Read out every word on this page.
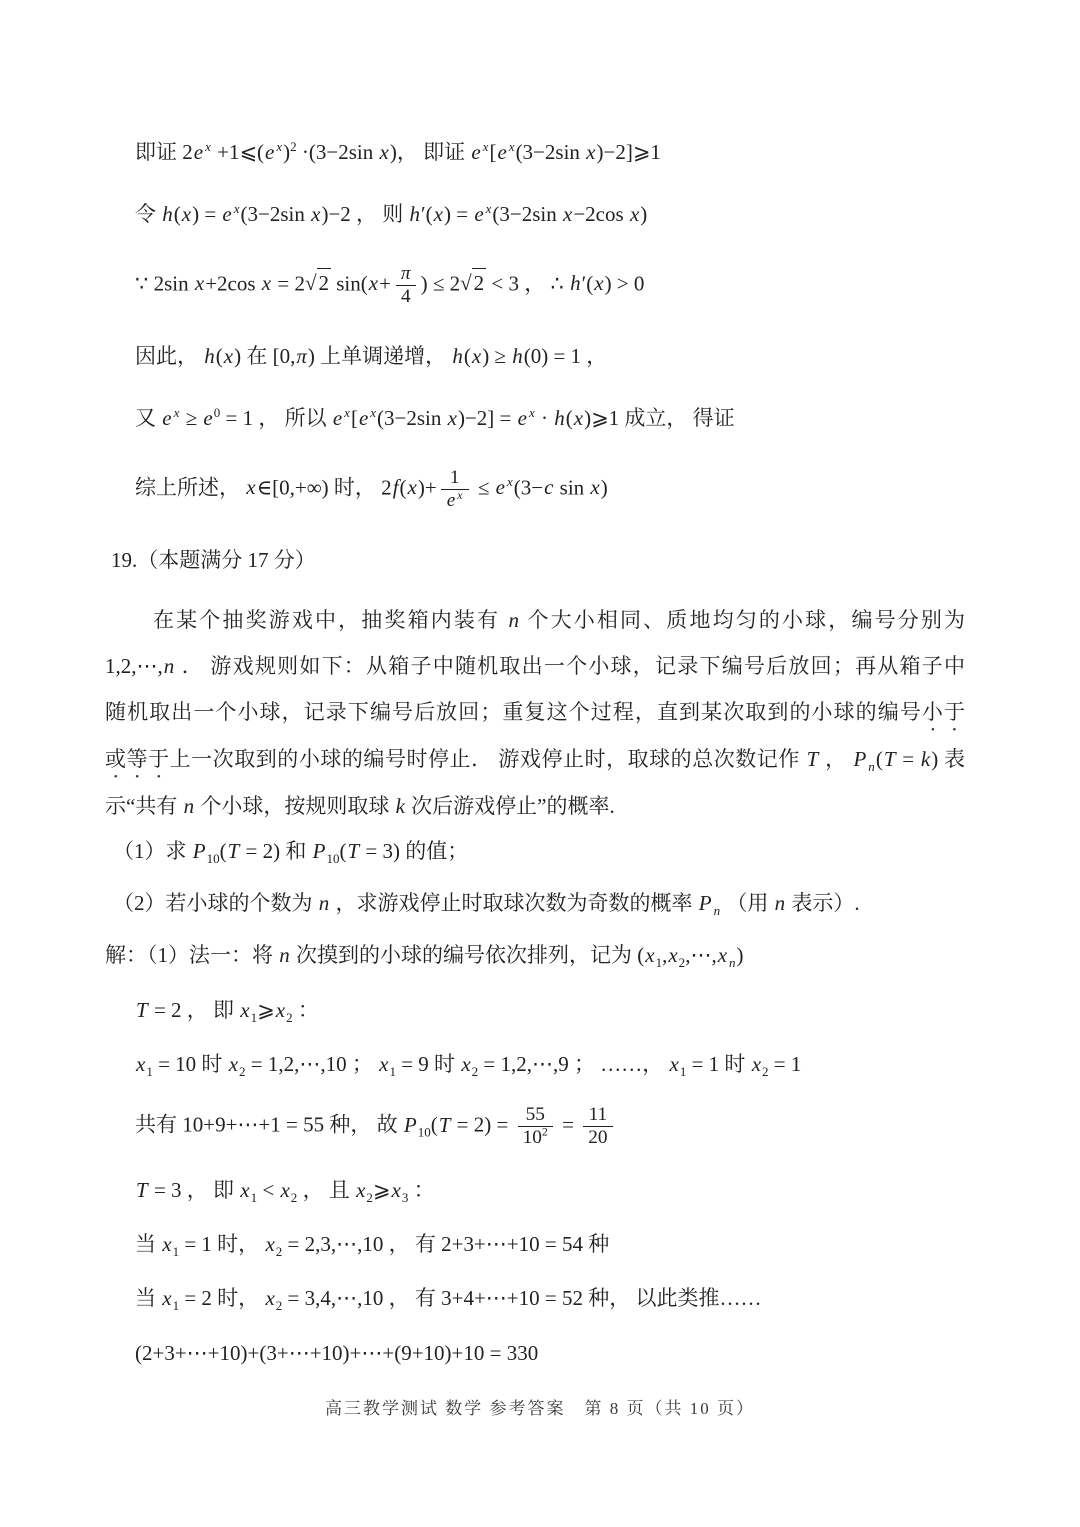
即证 2e $^x$ +1⩽(e $^x$)$^2$ ·(3−2sin x)， 即证 e $^x$[e $^x$(3−2sin x)−2]⩾1
令 h(x) = e $^x$(3−2sin x)−2 ， 则 h′(x) = e $^x$(3−2sin x−2cos x)
∵ 2sin x+2cos x = 2√2 $\sin(x+ \frac{\pi}{4}$ ) ≤ 2√2 < 3 ， ∴ h′(x) > 0
因此， h(x) 在 [0,π) 上单调递增， h(x) ≥ h(0) = 1 ，
又 e $^x \ge e^0 = 1$ ， 所以 e $^x$[e $^x$(3−2sin x)−2] = e $^x$ · h(x)⩾1 成立， 得证
综上所述， x∈[0,+∞) 时， $2f(x)+ \frac{1}{e ^x} \le e$ $^x$(3−c sin x)
19.（本题满分 17 分）
在某个抽奖游戏中，抽奖箱内装有 n 个大小相同、质地均匀的小球，编号分别为
1,2,⋯,n ． 游戏规则如下：从箱子中随机取出一个小球，记录下编号后放回；再从箱子中
随机取出一个小球，记录下编号后放回；重复这个过程，直到某次取到的小球的编号小于
或等于上一次取到的小球的编号时停止． 游戏停止时，取球的总次数记作 T ， P $_n$(T = k) 表
示“共有 n 个小球，按规则取球 k 次后游戏停止”的概率.
（1）求 $P_{10}(T = 2)$ 和 $P_{10}(T = 3)$ 的值；
（2）若小球的个数为 n ，求游戏停止时取球次数为奇数的概率 P $_n$ （用 n 表示）.
解：（1）法一：将 n 次摸到的小球的编号依次排列，记为 ($x_1,x_2,\cdots,x$ $_n$)
T = 2 ， 即 $x_1⩾x_2$ ：
$x_1 = 10$ 时 $x_2$ = 1,2,⋯,10 ； $x_1 = 9$ 时 $x_2$ = 1,2,⋯,9 ； ……， $x_1 = 1$ 时 $x_2 = 1$
共有 10+9+⋯+1 = 55 种， 故 $P_{10}(T = 2) = \frac{55}{10^2} = \frac{11}{20}$
T = 3 ， 即 $x_1 < x_2$ ， 且 $x_2⩾x_3$ ：
当 $x_1 = 1$ 时， $x_2$ = 2,3,⋯,10 ， 有 2+3+⋯+10 = 54 种
当 $x_1 = 2$ 时， $x_2$ = 3,4,⋯,10 ， 有 3+4+⋯+10 = 52 种， 以此类推……
(2+3+⋯+10)+(3+⋯+10)+⋯+(9+10)+10 = 330
高三教学测试 数学 参考答案　第 8 页（共 10 页）
